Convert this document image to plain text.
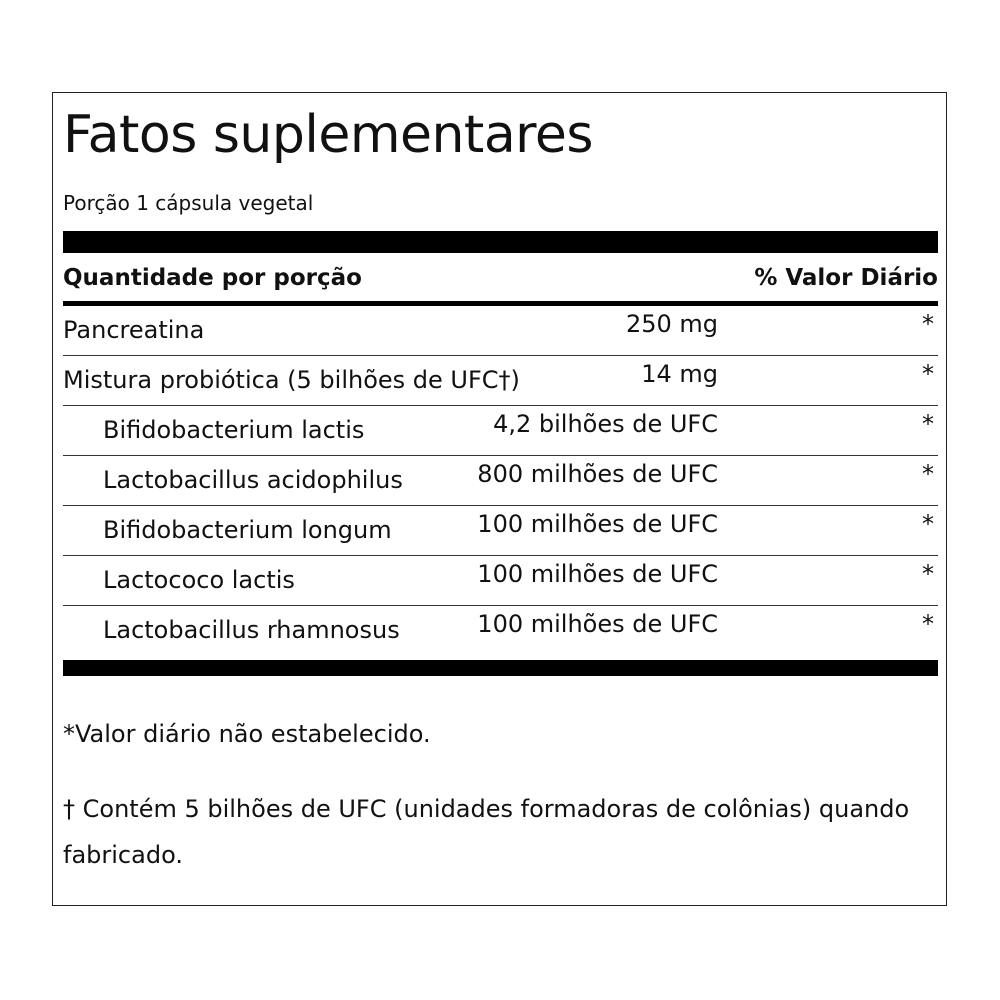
Fatos suplementares
Porção 1 cápsula vegetal
Quantidade por porção	% Valor Diário
Pancreatina	250 mg	*
Mistura probiótica (5 bilhões de UFC†)	14 mg	*
Bifidobacterium lactis	4,2 bilhões de UFC	*
Lactobacillus acidophilus	800 milhões de UFC	*
Bifidobacterium longum	100 milhões de UFC	*
Lactococo lactis	100 milhões de UFC	*
Lactobacillus rhamnosus	100 milhões de UFC	*
*Valor diário não estabelecido.
† Contém 5 bilhões de UFC (unidades formadoras de colônias) quando fabricado.
